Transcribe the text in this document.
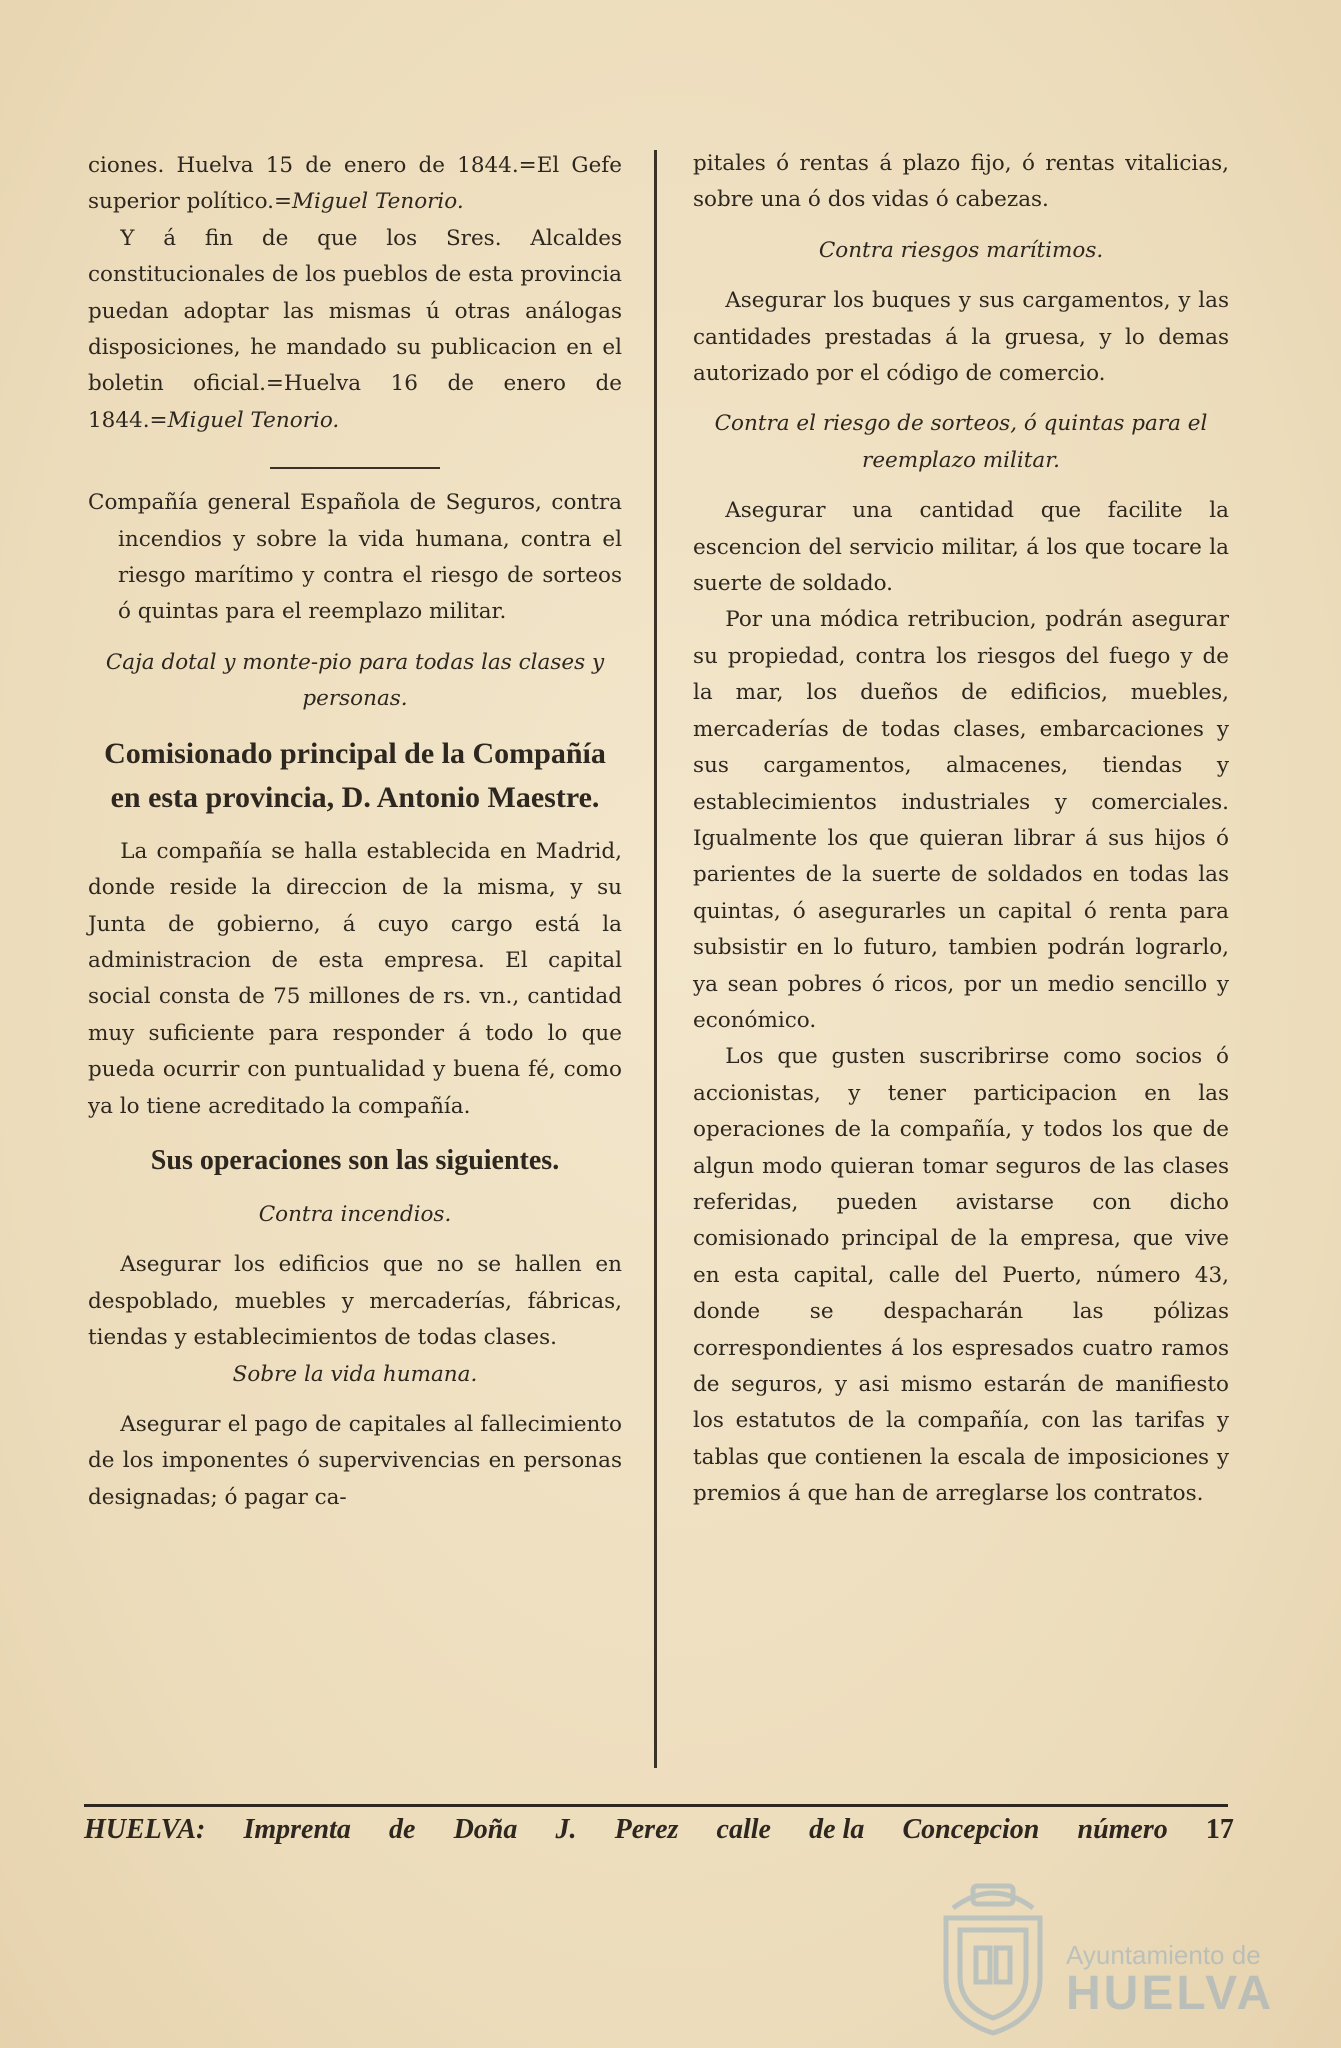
ciones. Huelva 15 de enero de 1844.=El Gefe superior político.=Miguel Tenorio.

Y á fin de que los Sres. Alcaldes constitucionales de los pueblos de esta provincia puedan adoptar las mismas ú otras análogas disposiciones, he mandado su publicacion en el boletin oficial.=Huelva 16 de enero de 1844.=Miguel Tenorio.

Compañía general Española de Seguros, contra incendios y sobre la vida humana, contra el riesgo marítimo y contra el riesgo de sorteos ó quintas para el reemplazo militar.

Caja dotal y monte-pio para todas las clases y personas.

Comisionado principal de la Compañía en esta provincia, D. Antonio Maestre.

La compañía se halla establecida en Madrid, donde reside la direccion de la misma, y su Junta de gobierno, á cuyo cargo está la administracion de esta empresa. El capital social consta de 75 millones de rs. vn., cantidad muy suficiente para responder á todo lo que pueda ocurrir con puntualidad y buena fé, como ya lo tiene acreditado la compañía.

Sus operaciones son las siguientes.

Contra incendios.

Asegurar los edificios que no se hallen en despoblado, muebles y mercaderías, fábricas, tiendas y establecimientos de todas clases.

Sobre la vida humana.

Asegurar el pago de capitales al fallecimiento de los imponentes ó supervivencias en personas designadas; ó pagar ca-

pitales ó rentas á plazo fijo, ó rentas vitalicias, sobre una ó dos vidas ó cabezas.

Contra riesgos marítimos.

Asegurar los buques y sus cargamentos, y las cantidades prestadas á la gruesa, y lo demas autorizado por el código de comercio.

Contra el riesgo de sorteos, ó quintas para el reemplazo militar.

Asegurar una cantidad que facilite la escencion del servicio militar, á los que tocare la suerte de soldado.

Por una módica retribucion, podrán asegurar su propiedad, contra los riesgos del fuego y de la mar, los dueños de edificios, muebles, mercaderías de todas clases, embarcaciones y sus cargamentos, almacenes, tiendas y establecimientos industriales y comerciales. Igualmente los que quieran librar á sus hijos ó parientes de la suerte de soldados en todas las quintas, ó asegurarles un capital ó renta para subsistir en lo futuro, tambien podrán lograrlo, ya sean pobres ó ricos, por un medio sencillo y económico.

Los que gusten suscribrirse como socios ó accionistas, y tener participacion en las operaciones de la compañía, y todos los que de algun modo quieran tomar seguros de las clases referidas, pueden avistarse con dicho comisionado principal de la empresa, que vive en esta capital, calle del Puerto, número 43, donde se despacharán las pólizas correspondientes á los espresados cuatro ramos de seguros, y asi mismo estarán de manifiesto los estatutos de la compañía, con las tarifas y tablas que contienen la escala de imposiciones y premios á que han de arreglarse los contratos.

HUELVA: Imprenta de Doña J. Perez calle de la Concepcion número 17
Ayuntamiento de
HUELVA
